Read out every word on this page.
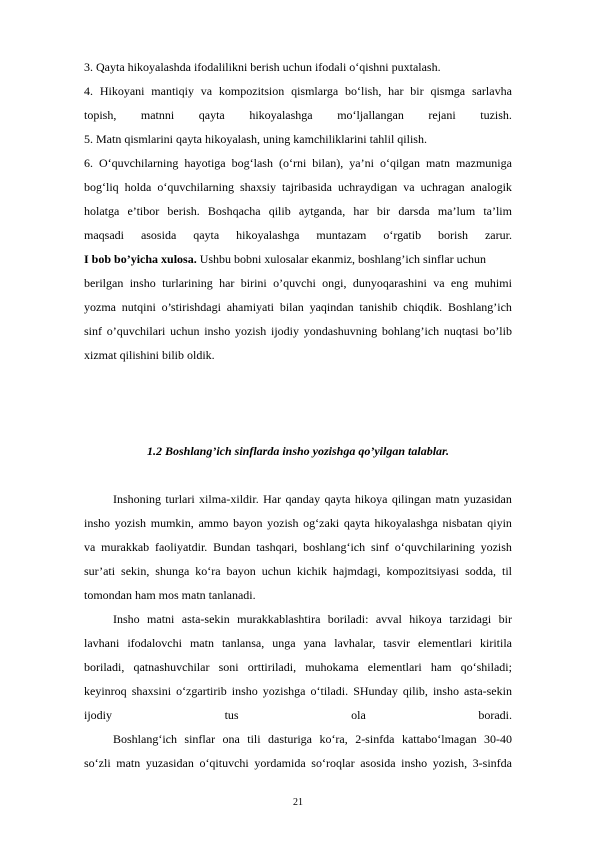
3. Qayta hikoyalashda ifodalilikni berish uchun ifodali o‘qishni puxtalash.
4. Hikoyani mantiqiy va kompozitsion qismlarga bo‘lish, har bir qismga sarlavha
topish, matnni qayta hikoyalashga mo‘ljallangan rejani tuzish.
5. Matn qismlarini qayta hikoyalash, uning kamchiliklarini tahlil qilish.
6. O‘quvchilarning hayotiga bog‘lash (o‘rni bilan), ya’ni o‘qilgan matn mazmuniga
bog‘liq holda o‘quvchilarning shaxsiy tajribasida uchraydigan va uchragan analogik
holatga e’tibor berish. Boshqacha qilib aytganda, har bir darsda ma’lum ta’lim
maqsadi asosida qayta hikoyalashga muntazam o‘rgatib borish zarur.
I bob bo’yicha xulosa. Ushbu bobni xulosalar ekanmiz, boshlang’ich sinflar uchun
berilgan insho turlarining har birini o’quvchi ongi, dunyoqarashini va eng muhimi
yozma nutqini o’stirishdagi ahamiyati bilan yaqindan tanishib chiqdik. Boshlang’ich
sinf o’quvchilari uchun insho yozish ijodiy yondashuvning bohlang’ich nuqtasi bo’lib
xizmat qilishini bilib oldik.
Inshoning turlari xilma-xildir. Har qanday qayta hikoya qilingan matn yuzasidan
insho yozish mumkin, ammo bayon yozish og‘zaki qayta hikoyalashga nisbatan qiyin
va murakkab faoliyatdir. Bundan tashqari, boshlang‘ich sinf o‘quvchilarining yozish
sur’ati sekin, shunga ko‘ra bayon uchun kichik hajmdagi, kompozitsiyasi sodda, til
tomondan ham mos matn tanlanadi.
Insho matni asta-sekin murakkablashtira boriladi: avval hikoya tarzidagi bir
lavhani ifodalovchi matn tanlansa, unga yana lavhalar, tasvir elementlari kiritila
boriladi, qatnashuvchilar soni orttiriladi, muhokama elementlari ham qo‘shiladi;
keyinroq shaxsini o‘zgartirib insho yozishga o‘tiladi. SHunday qilib, insho asta-sekin
ijodiy	tus	ola	boradi.
Boshlang‘ich sinflar ona tili dasturiga ko‘ra, 2-sinfda kattabo‘lmagan 30-40
so‘zli matn yuzasidan o‘qituvchi yordamida so‘roqlar asosida insho yozish, 3-sinfda
1.2 Boshlang’ich sinflarda insho yozishga qo’yilgan talablar.
21
